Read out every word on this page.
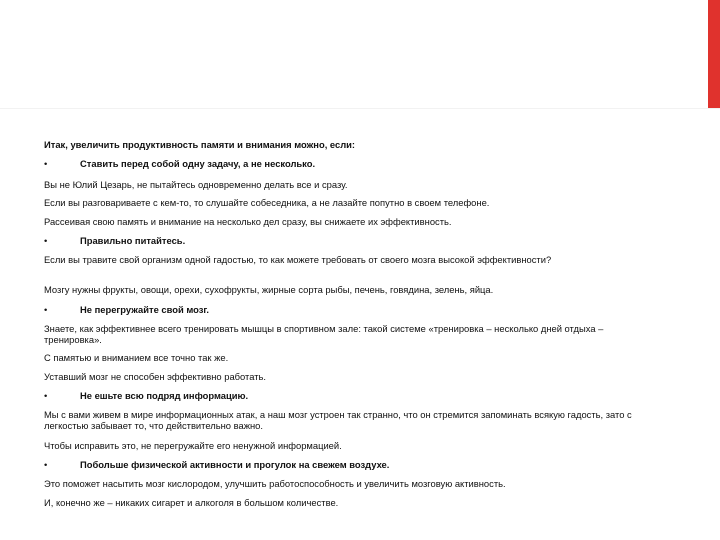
Итак, увеличить продуктивность памяти и внимания можно, если:
•	Ставить перед собой одну задачу, а не несколько.
Вы не Юлий Цезарь, не пытайтесь одновременно делать все и сразу.
Если вы разговариваете с кем-то, то слушайте собеседника, а не лазайте попутно в своем телефоне.
Рассеивая свою память и внимание на несколько дел сразу, вы снижаете их эффективность.
•	Правильно питайтесь.
Если вы травите свой организм одной гадостью, то как можете требовать от своего мозга высокой эффективности?
Мозгу нужны фрукты, овощи, орехи, сухофрукты, жирные сорта рыбы, печень, говядина, зелень, яйца.
•	Не перегружайте свой мозг.
Знаете, как эффективнее всего тренировать мышцы в спортивном зале: такой системе «тренировка – несколько дней отдыха – тренировка».
С памятью и вниманием все точно так же.
Уставший мозг не способен эффективно работать.
•	Не ешьте всю подряд информацию.
Мы с вами живем в мире информационных атак, а наш мозг устроен так странно, что он стремится запоминать всякую гадость, зато с легкостью забывает то, что действительно важно.
Чтобы исправить это, не перегружайте его ненужной информацией.
•	Побольше физической активности и прогулок на свежем воздухе.
Это поможет насытить мозг кислородом, улучшить работоспособность и увеличить мозговую активность.
И, конечно же – никаких сигарет и алкоголя в большом количестве.
